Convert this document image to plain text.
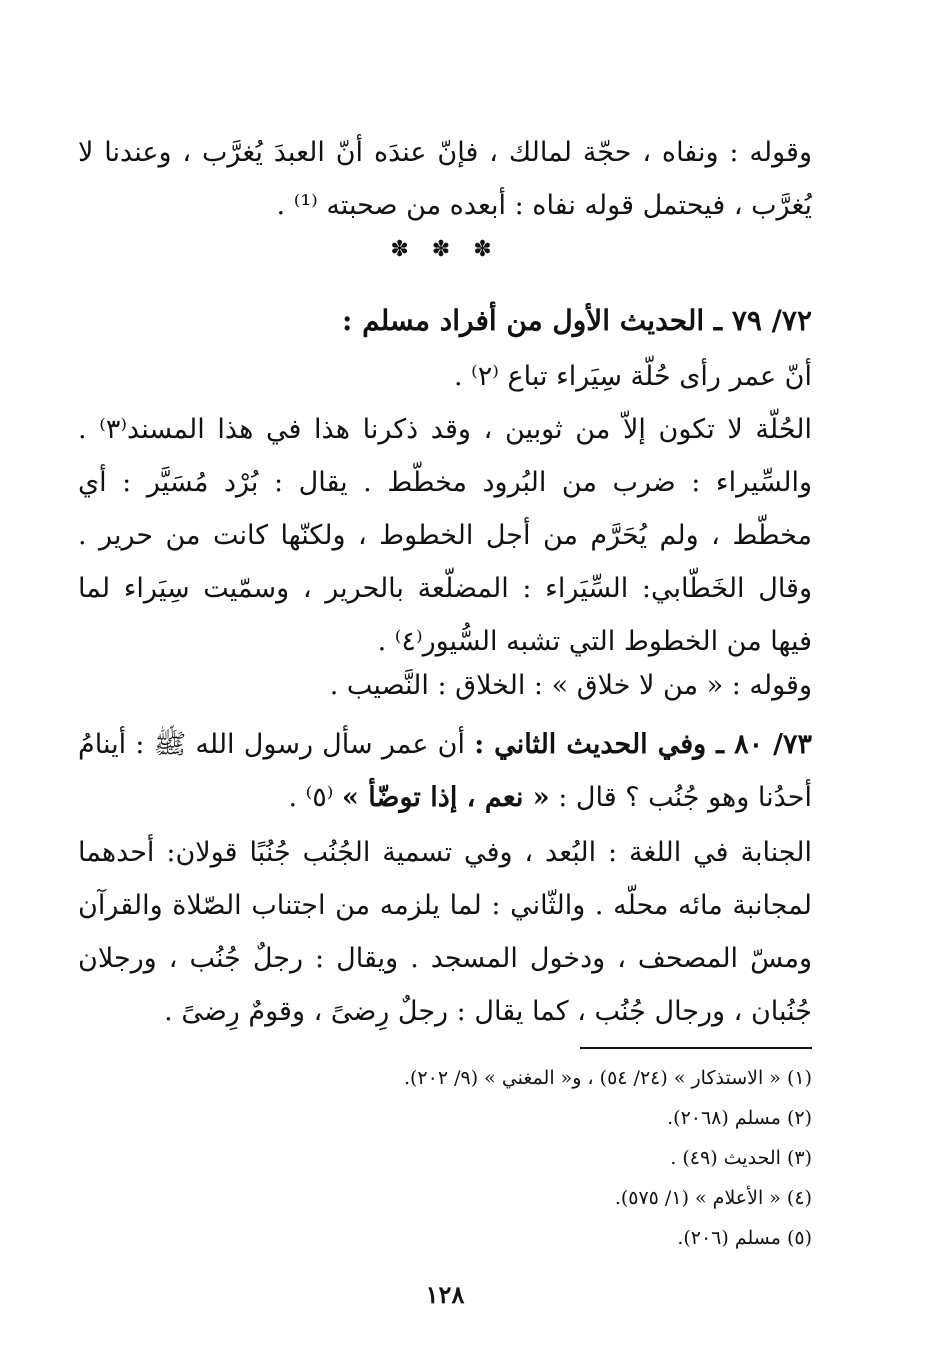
وقوله : ونفاه ، حجّة لمالك ، فإنّ عندَه أنّ العبدَ يُغرَّب ، وعندنا لا يُغرَّب ، فيحتمل قوله نفاه : أبعده من صحبته ⁽¹⁾ .

✽ ✽ ✽
٧٢/ ٧٩ ـ الحديث الأول من أفراد مسلم :

أنّ عمر رأى حُلّة سِيَراء تباع ⁽٢⁾ .

الحُلّة لا تكون إلاّ من ثوبين ، وقد ذكرنا هذا في هذا المسند⁽٣⁾ . والسِّيراء : ضرب من البُرود مخطّط . يقال : بُرْد مُسَيَّر : أي مخطّط ، ولم يُحَرَّم من أجل الخطوط ، ولكنّها كانت من حرير . وقال الخَطّابي: السِّيَراء : المضلّعة بالحرير ، وسمّيت سِيَراء لما فيها من الخطوط التي تشبه السُّيور⁽٤⁾ .

وقوله : « من لا خلاق » : الخلاق : النَّصيب .

٧٣/ ٨٠ ـ وفي الحديث الثاني : أن عمر سأل رسول الله ﷺ : أينامُ أحدُنا وهو جُنُب ؟ قال : « نعم ، إذا توضّأ » ⁽٥⁾ .

الجنابة في اللغة : البُعد ، وفي تسمية الجُنُب جُنُبًا قولان: أحدهما لمجانبة مائه محلّه . والثّاني : لما يلزمه من اجتناب الصّلاة والقرآن ومسّ المصحف ، ودخول المسجد . ويقال : رجلٌ جُنُب ، ورجلان جُنُبان ، ورجال جُنُب ، كما يقال : رجلٌ رِضىً ، وقومٌ رِضىً .

(١) « الاستذكار » (٢٤/ ٥٤) ، و« المغني » (٩/ ٢٠٢).
(٢) مسلم (٢٠٦٨).
(٣) الحديث (٤٩) .
(٤) « الأعلام » (١/ ٥٧٥).
(٥) مسلم (٢٠٦).
١٢٨
